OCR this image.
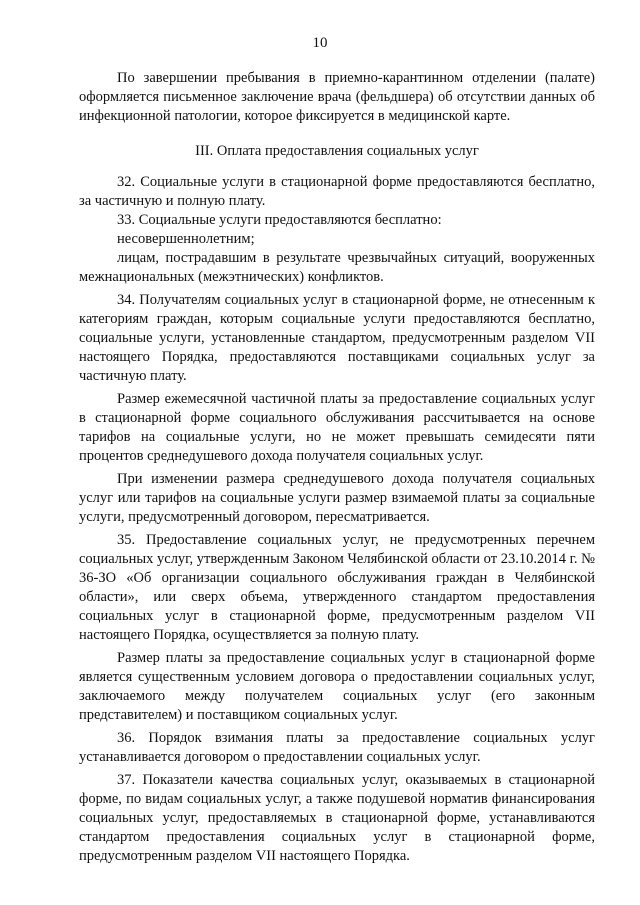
10

По завершении пребывания в приемно-карантинном отделении (палате) оформляется письменное заключение врача (фельдшера) об отсутствии данных об инфекционной патологии, которое фиксируется в медицинской карте.

III. Оплата предоставления социальных услуг

32. Социальные услуги в стационарной форме предоставляются бесплатно, за частичную и полную плату.

33. Социальные услуги предоставляются бесплатно:

несовершеннолетним;

лицам, пострадавшим в результате чрезвычайных ситуаций, вооруженных межнациональных (межэтнических) конфликтов.

34. Получателям социальных услуг в стационарной форме, не отнесенным к категориям граждан, которым социальные услуги предоставляются бесплатно, социальные услуги, установленные стандартом, предусмотренным разделом VII настоящего Порядка, предоставляются поставщиками социальных услуг за частичную плату.

Размер ежемесячной частичной платы за предоставление социальных услуг в стационарной форме социального обслуживания рассчитывается на основе тарифов на социальные услуги, но не может превышать семидесяти пяти процентов среднедушевого дохода получателя социальных услуг.

При изменении размера среднедушевого дохода получателя социальных услуг или тарифов на социальные услуги размер взимаемой платы за социальные услуги, предусмотренный договором, пересматривается.

35. Предоставление социальных услуг, не предусмотренных перечнем социальных услуг, утвержденным Законом Челябинской области от 23.10.2014 г. № 36-ЗО «Об организации социального обслуживания граждан в Челябинской области», или сверх объема, утвержденного стандартом предоставления социальных услуг в стационарной форме, предусмотренным разделом VII настоящего Порядка, осуществляется за полную плату.

Размер платы за предоставление социальных услуг в стационарной форме является существенным условием договора о предоставлении социальных услуг, заключаемого между получателем социальных услуг (его законным представителем) и поставщиком социальных услуг.

36. Порядок взимания платы за предоставление социальных услуг устанавливается договором о предоставлении социальных услуг.

37. Показатели качества социальных услуг, оказываемых в стационарной форме, по видам социальных услуг, а также подушевой норматив финансирования социальных услуг, предоставляемых в стационарной форме, устанавливаются стандартом предоставления социальных услуг в стационарной форме, предусмотренным разделом VII настоящего Порядка.
